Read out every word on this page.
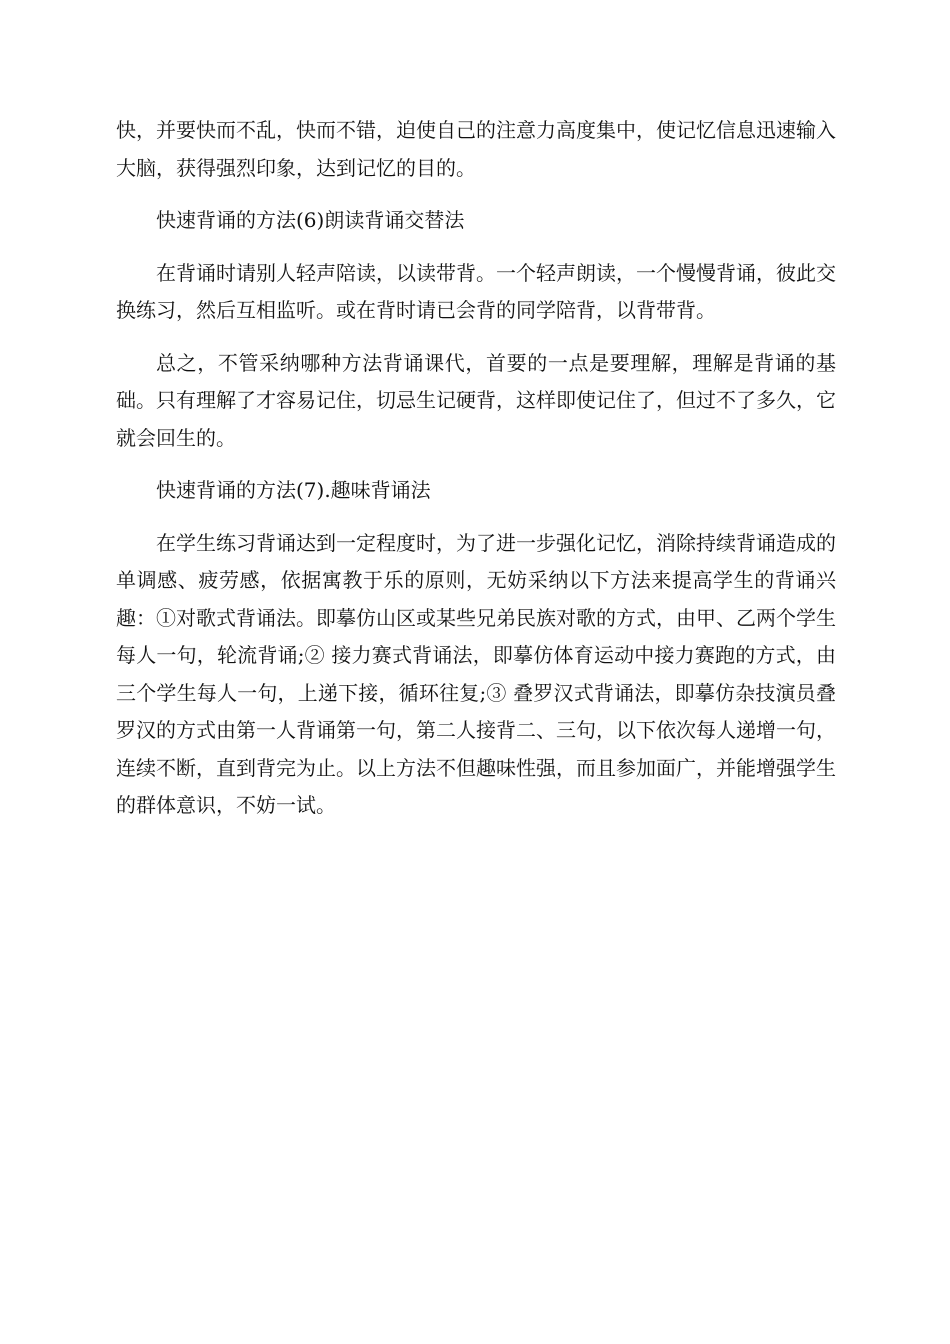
快，并要快而不乱，快而不错，迫使自己的注意力高度集中，使记忆信息迅速输入大脑，获得强烈印象，达到记忆的目的。

快速背诵的方法(6)朗读背诵交替法

在背诵时请别人轻声陪读，以读带背。一个轻声朗读，一个慢慢背诵，彼此交换练习，然后互相监听。或在背时请已会背的同学陪背，以背带背。

总之，不管采纳哪种方法背诵课代，首要的一点是要理解，理解是背诵的基础。只有理解了才容易记住，切忌生记硬背，这样即使记住了，但过不了多久，它就会回生的。

快速背诵的方法(7).趣味背诵法

在学生练习背诵达到一定程度时，为了进一步强化记忆，消除持续背诵造成的单调感、疲劳感，依据寓教于乐的原则，无妨采纳以下方法来提高学生的背诵兴趣：①对歌式背诵法。即摹仿山区或某些兄弟民族对歌的方式，由甲、乙两个学生每人一句，轮流背诵;② 接力赛式背诵法，即摹仿体育运动中接力赛跑的方式，由三个学生每人一句，上递下接，循环往复;③ 叠罗汉式背诵法，即摹仿杂技演员叠罗汉的方式由第一人背诵第一句，第二人接背二、三句，以下依次每人递增一句，连续不断，直到背完为止。以上方法不但趣味性强，而且参加面广，并能增强学生的群体意识，不妨一试。
